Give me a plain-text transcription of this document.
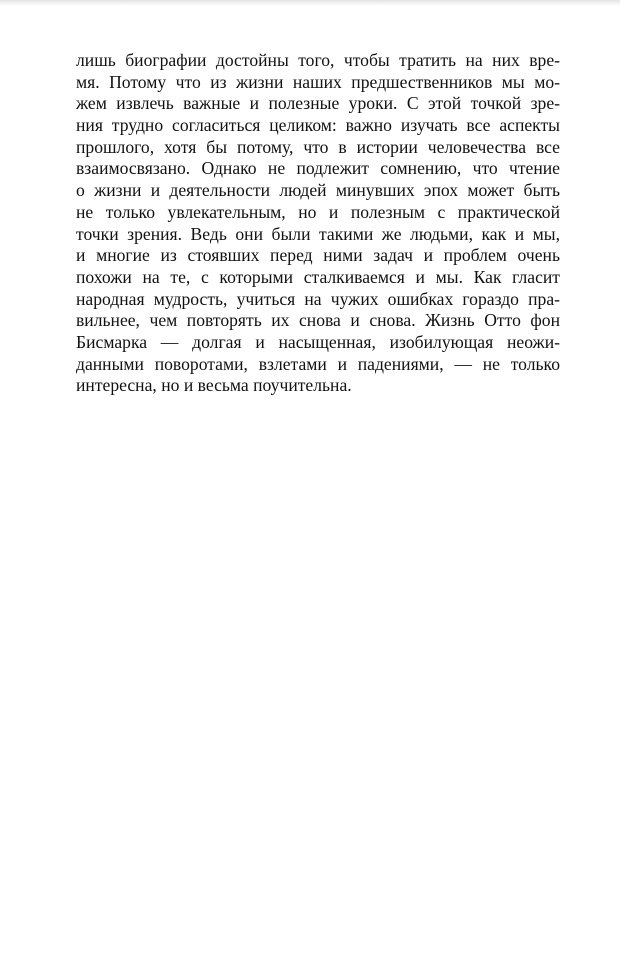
лишь биографии достойны того, чтобы тратить на них вре-
мя. Потому что из жизни наших предшественников мы мо-
жем извлечь важные и полезные уроки. С этой точкой зре-
ния трудно согласиться целиком: важно изучать все аспекты
прошлого, хотя бы потому, что в истории человечества все
взаимосвязано. Однако не подлежит сомнению, что чтение
о жизни и деятельности людей минувших эпох может быть
не только увлекательным, но и полезным с практической
точки зрения. Ведь они были такими же людьми, как и мы,
и многие из стоявших перед ними задач и проблем очень
похожи на те, с которыми сталкиваемся и мы. Как гласит
народная мудрость, учиться на чужих ошибках гораздо пра-
вильнее, чем повторять их снова и снова. Жизнь Отто фон
Бисмарка — долгая и насыщенная, изобилующая неожи-
данными поворотами, взлетами и падениями, — не только
интересна, но и весьма поучительна.
